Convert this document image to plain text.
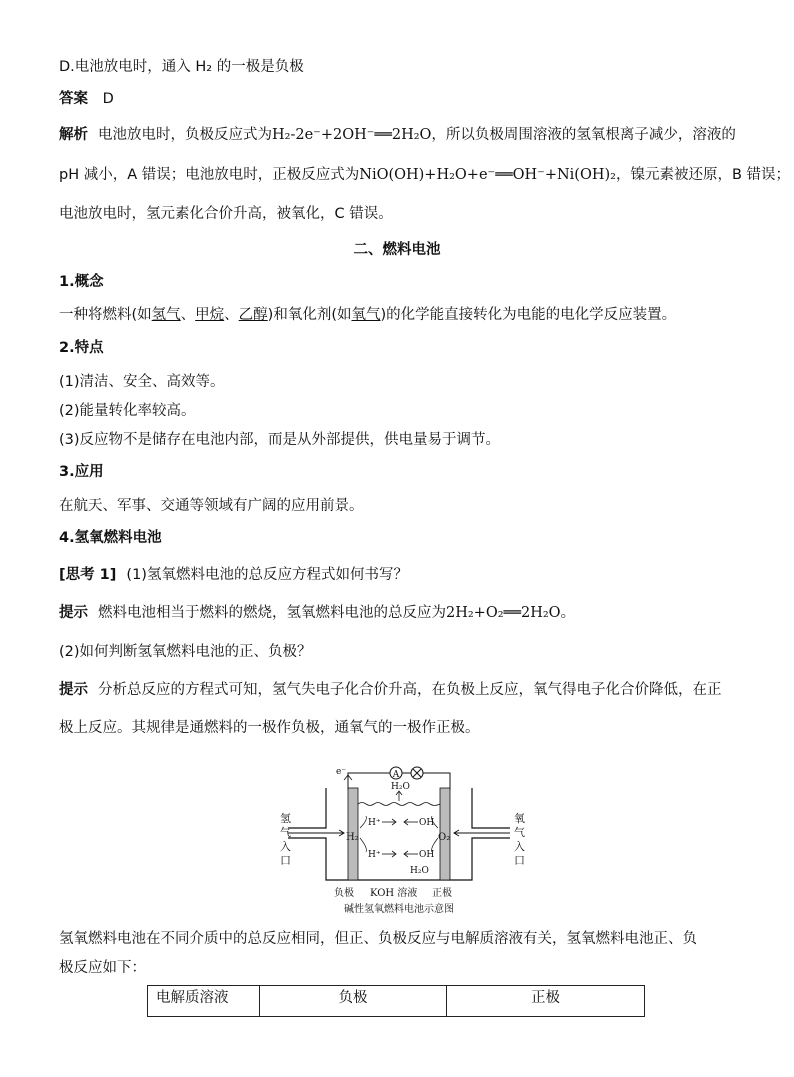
D.电池放电时，通入 H₂ 的一极是负极
答案 D
解析 电池放电时，负极反应式为H₂-2e⁻+2OH⁻══2H₂O，所以负极周围溶液的氢氧根离子减少，溶液的
pH 减小，A 错误；电池放电时，正极反应式为NiO(OH)+H₂O+e⁻══OH⁻+Ni(OH)₂，镍元素被还原，B 错误；
电池放电时，氢元素化合价升高，被氧化，C 错误。
二、燃料电池
1.概念
一种将燃料(如氢气、甲烷、乙醇)和氧化剂(如氧气)的化学能直接转化为电能的电化学反应装置。
2.特点
(1)清洁、安全、高效等。
(2)能量转化率较高。
(3)反应物不是储存在电池内部，而是从外部提供，供电量易于调节。
3.应用
在航天、军事、交通等领域有广阔的应用前景。
4.氢氧燃料电池
[思考 1] (1)氢氧燃料电池的总反应方程式如何书写？
提示 燃料电池相当于燃料的燃烧，氢氧燃料电池的总反应为2H₂+O₂══2H₂O。
(2)如何判断氢氧燃料电池的正、负极？
提示 分析总反应的方程式可知，氢气失电子化合价升高，在负极上反应，氧气得电子化合价降低，在正
极上反应。其规律是通燃料的一极作负极，通氧气的一极作正极。
A
e⁻
H₂O
H₂	O₂
H⁺	OH
H⁺	OH
H₂O
氢
气
入
口
氧
气
入
口
负极 KOH 溶液 正极
碱性氢氧燃料电池示意图
氢氧燃料电池在不同介质中的总反应相同，但正、负极反应与电解质溶液有关，氢氧燃料电池正、负
极反应如下：
电解质溶液	负极	正极
